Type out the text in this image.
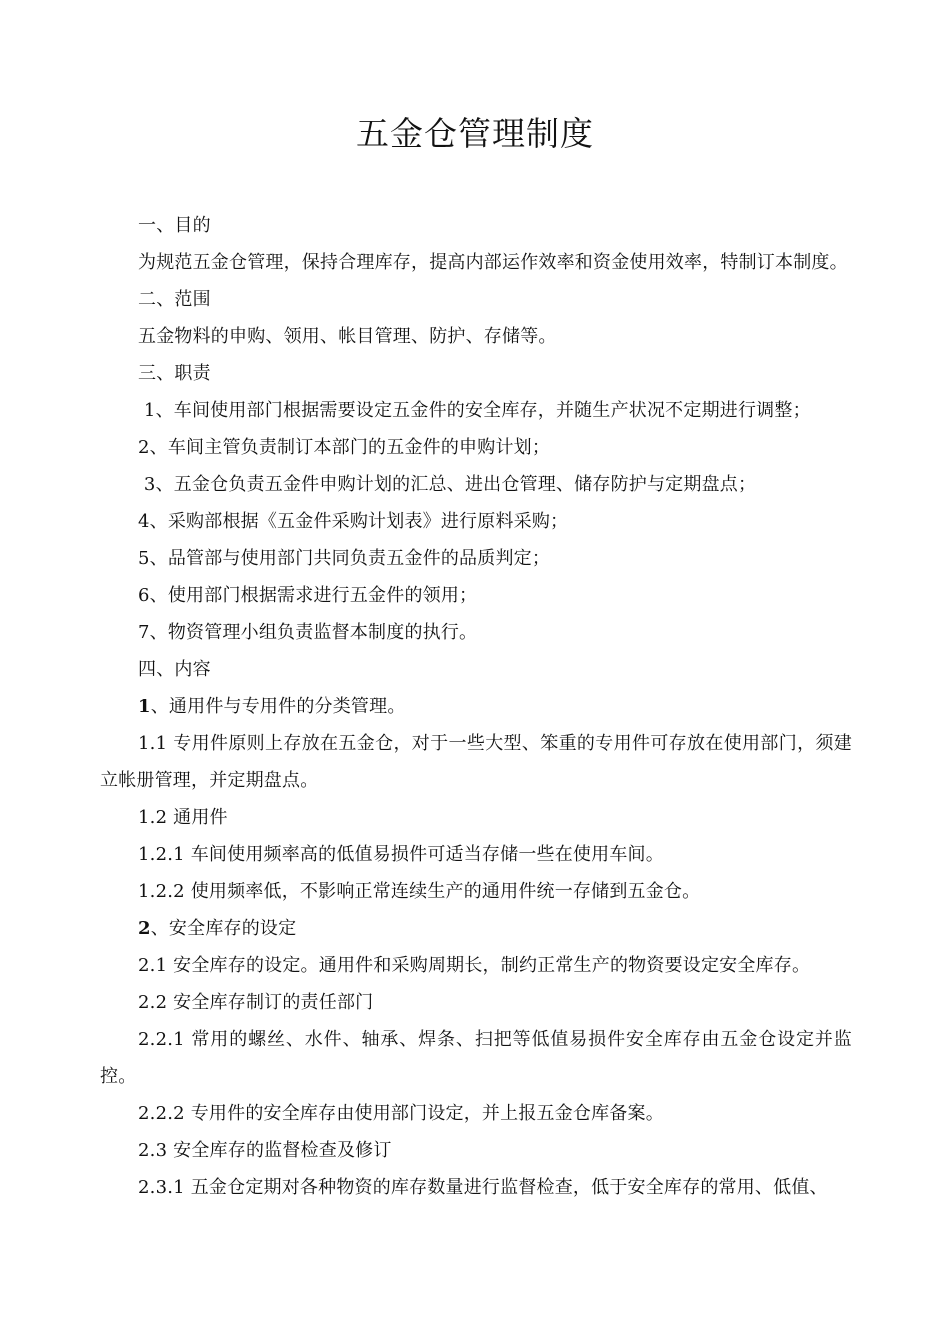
五金仓管理制度

一、目的

为规范五金仓管理，保持合理库存，提高内部运作效率和资金使用效率，特制订本制度。

二、范围

五金物料的申购、领用、帐目管理、防护、存储等。

三、职责

1、车间使用部门根据需要设定五金件的安全库存，并随生产状况不定期进行调整；

2、车间主管负责制订本部门的五金件的申购计划；

3、五金仓负责五金件申购计划的汇总、进出仓管理、储存防护与定期盘点；

4、采购部根据《五金件采购计划表》进行原料采购；

5、品管部与使用部门共同负责五金件的品质判定；

6、使用部门根据需求进行五金件的领用；

7、物资管理小组负责监督本制度的执行。

四、内容

1、通用件与专用件的分类管理。

1.1 专用件原则上存放在五金仓，对于一些大型、笨重的专用件可存放在使用部门，须建立帐册管理，并定期盘点。

1.2 通用件

1.2.1 车间使用频率高的低值易损件可适当存储一些在使用车间。

1.2.2 使用频率低，不影响正常连续生产的通用件统一存储到五金仓。

2、安全库存的设定

2.1 安全库存的设定。通用件和采购周期长，制约正常生产的物资要设定安全库存。

2.2 安全库存制订的责任部门

2.2.1 常用的螺丝、水件、轴承、焊条、扫把等低值易损件安全库存由五金仓设定并监控。

2.2.2 专用件的安全库存由使用部门设定，并上报五金仓库备案。

2.3 安全库存的监督检查及修订

2.3.1 五金仓定期对各种物资的库存数量进行监督检查，低于安全库存的常用、低值、
